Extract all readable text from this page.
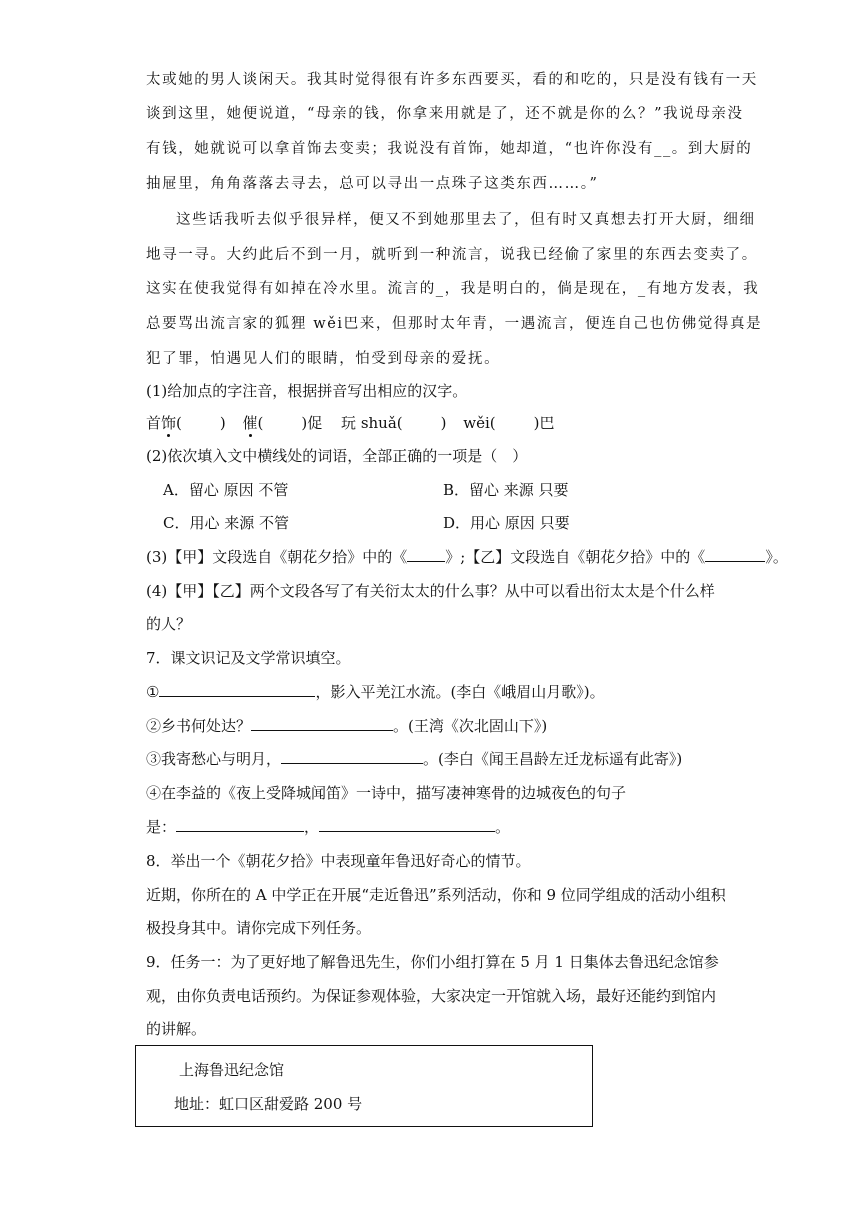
太或她的男人谈闲天。我其时觉得很有许多东西要买，看的和吃的，只是没有钱有一天
谈到这里，她便说道，“母亲的钱，你拿来用就是了，还不就是你的么？”我说母亲没
有钱，她就说可以拿首饰去变卖；我说没有首饰，她却道，“也许你没有__。到大厨的
抽屉里，角角落落去寻去，总可以寻出一点珠子这类东西……。”
这些话我听去似乎很异样，便又不到她那里去了，但有时又真想去打开大厨，细细
地寻一寻。大约此后不到一月，就听到一种流言，说我已经偷了家里的东西去变卖了。
这实在使我觉得有如掉在冷水里。流言的_，我是明白的，倘是现在，_有地方发表，我
总要骂出流言家的狐狸 wěi巴来，但那时太年青，一遇流言，便连自己也仿佛觉得真是
犯了罪，怕遇见人们的眼睛，怕受到母亲的爱抚。
(1)给加点的字注音，根据拼音写出相应的汉字。
首饰(	) 催(	)促 玩 shuǎ(	) wěi(	)巴
(2)依次填入文中横线处的词语，全部正确的一项是（　）
A．留心 原因 不管	B．留心 来源 只要
C．用心 来源 不管	D．用心 原因 只要
(3)【甲】文段选自《朝花夕拾》中的《	》;【乙】文段选自《朝花夕拾》中的《	》。
(4)【甲】【乙】两个文段各写了有关衍太太的什么事？从中可以看出衍太太是个什么样
的人？
7．课文识记及文学常识填空。
①	，影入平羌江水流。(李白《峨眉山月歌》)。
②乡书何处达？	。(王湾《次北固山下》)
③我寄愁心与明月，	。(李白《闻王昌龄左迁龙标遥有此寄》)
④在李益的《夜上受降城闻笛》一诗中，描写凄神寒骨的边城夜色的句子
是：	，	。
8．举出一个《朝花夕拾》中表现童年鲁迅好奇心的情节。
近期，你所在的 A 中学正在开展“走近鲁迅”系列活动，你和 9 位同学组成的活动小组积
极投身其中。请你完成下列任务。
9．任务一：为了更好地了解鲁迅先生，你们小组打算在 5 月 1 日集体去鲁迅纪念馆参
观，由你负责电话预约。为保证参观体验，大家决定一开馆就入场，最好还能约到馆内
的讲解。
上海鲁迅纪念馆
地址：虹口区甜爱路 200 号
